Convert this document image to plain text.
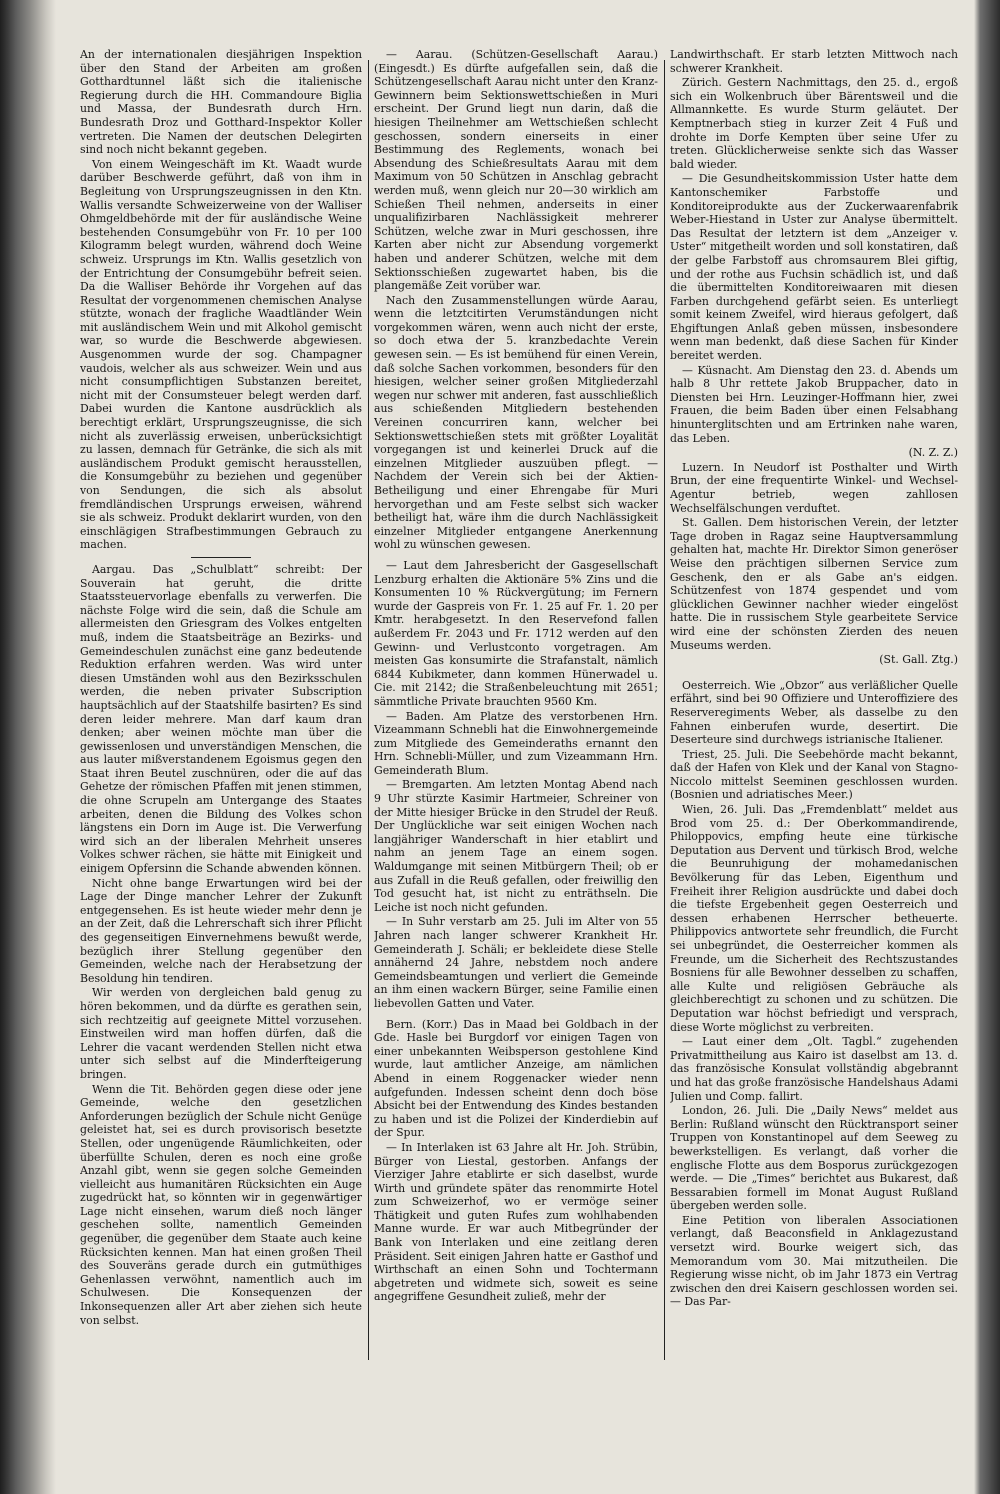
An der internationalen diesjährigen Inspektion über den Stand der Arbeiten am großen Gotthardtunnel läßt sich die italienische Regierung durch die HH. Commandoure Biglia und Massa, der Bundesrath durch Hrn. Bundesrath Droz und Gotthard-Inspektor Koller vertreten. Die Namen der deutschen Delegirten sind noch nicht bekannt gegeben.

Von einem Weingeschäft im Kt. Waadt wurde darüber Beschwerde geführt, daß von ihm in Begleitung von Ursprungszeugnissen in den Ktn. Wallis versandte Schweizerweine von der Walliser Ohmgeldbehörde mit der für ausländische Weine bestehenden Consumgebühr von Fr. 10 per 100 Kilogramm belegt wurden, während doch Weine schweiz. Ursprungs im Ktn. Wallis gesetzlich von der Entrichtung der Consumgebühr befreit seien. Da die Walliser Behörde ihr Vorgehen auf das Resultat der vorgenommenen chemischen Analyse stützte, wonach der fragliche Waadtländer Wein mit ausländischem Wein und mit Alkohol gemischt war, so wurde die Beschwerde abgewiesen. Ausgenommen wurde der sog. Champagner vaudois, welcher als aus schweizer. Wein und aus nicht consumpflichtigen Substanzen bereitet, nicht mit der Consumsteuer belegt werden darf. Dabei wurden die Kantone ausdrücklich als berechtigt erklärt, Ursprungszeugnisse, die sich nicht als zuverlässig erweisen, unberücksichtigt zu lassen, demnach für Getränke, die sich als mit ausländischem Produkt gemischt herausstellen, die Konsumgebühr zu beziehen und gegenüber von Sendungen, die sich als absolut fremdländischen Ursprungs erweisen, während sie als schweiz. Produkt deklarirt wurden, von den einschlägigen Strafbestimmungen Gebrauch zu machen.

Aargau. Das „Schulblatt“ schreibt: Der Souverain hat geruht, die dritte Staatssteuervorlage ebenfalls zu verwerfen. Die nächste Folge wird die sein, daß die Schule am allermeisten den Griesgram des Volkes entgelten muß, indem die Staatsbeiträge an Bezirks- und Gemeindeschulen zunächst eine ganz bedeutende Reduktion erfahren werden. Was wird unter diesen Umständen wohl aus den Bezirksschulen werden, die neben privater Subscription hauptsächlich auf der Staatshilfe basirten? Es sind deren leider mehrere. Man darf kaum dran denken; aber weinen möchte man über die gewissenlosen und unverständigen Menschen, die aus lauter mißverstandenem Egoismus gegen den Staat ihren Beutel zuschnüren, oder die auf das Gehetze der römischen Pfaffen mit jenen stimmen, die ohne Scrupeln am Untergange des Staates arbeiten, denen die Bildung des Volkes schon längstens ein Dorn im Auge ist. Die Verwerfung wird sich an der liberalen Mehrheit unseres Volkes schwer rächen, sie hätte mit Einigkeit und einigem Opfersinn die Schande abwenden können.

Nicht ohne bange Erwartungen wird bei der Lage der Dinge mancher Lehrer der Zukunft entgegensehen. Es ist heute wieder mehr denn je an der Zeit, daß die Lehrerschaft sich ihrer Pflicht des gegenseitigen Einvernehmens bewußt werde, bezüglich ihrer Stellung gegenüber den Gemeinden, welche nach der Herabsetzung der Besoldung hin tendiren.

Wir werden von dergleichen bald genug zu hören bekommen, und da dürfte es gerathen sein, sich rechtzeitig auf geeignete Mittel vorzusehen. Einstweilen wird man hoffen dürfen, daß die Lehrer die vacant werdenden Stellen nicht etwa unter sich selbst auf die Minderfteigerung bringen.

Wenn die Tit. Behörden gegen diese oder jene Gemeinde, welche den gesetzlichen Anforderungen bezüglich der Schule nicht Genüge geleistet hat, sei es durch provisorisch besetzte Stellen, oder ungenügende Räumlichkeiten, oder überfüllte Schulen, deren es noch eine große Anzahl gibt, wenn sie gegen solche Gemeinden vielleicht aus humanitären Rücksichten ein Auge zugedrückt hat, so könnten wir in gegenwärtiger Lage nicht einsehen, warum dieß noch länger geschehen sollte, namentlich Gemeinden gegenüber, die gegenüber dem Staate auch keine Rücksichten kennen. Man hat einen großen Theil des Souveräns gerade durch ein gutmüthiges Gehenlassen verwöhnt, namentlich auch im Schulwesen. Die Konsequenzen der Inkonsequenzen aller Art aber ziehen sich heute von selbst.

— Aarau. (Schützen-Gesellschaft Aarau.) (Eingesdt.) Es dürfte aufgefallen sein, daß die Schützengesellschaft Aarau nicht unter den Kranz-Gewinnern beim Sektionswettschießen in Muri erscheint. Der Grund liegt nun darin, daß die hiesigen Theilnehmer am Wettschießen schlecht geschossen, sondern einerseits in einer Bestimmung des Reglements, wonach bei Absendung des Schießresultats Aarau mit dem Maximum von 50 Schützen in Anschlag gebracht werden muß, wenn gleich nur 20—30 wirklich am Schießen Theil nehmen, anderseits in einer unqualifizirbaren Nachlässigkeit mehrerer Schützen, welche zwar in Muri geschossen, ihre Karten aber nicht zur Absendung vorgemerkt haben und anderer Schützen, welche mit dem Sektionsschießen zugewartet haben, bis die plangemäße Zeit vorüber war.

Nach den Zusammenstellungen würde Aarau, wenn die letztcitirten Verumständungen nicht vorgekommen wären, wenn auch nicht der erste, so doch etwa der 5. kranzbedachte Verein gewesen sein. — Es ist bemühend für einen Verein, daß solche Sachen vorkommen, besonders für den hiesigen, welcher seiner großen Mitgliederzahl wegen nur schwer mit anderen, fast ausschließlich aus schießenden Mitgliedern bestehenden Vereinen concurriren kann, welcher bei Sektionswettschießen stets mit größter Loyalität vorgegangen ist und keinerlei Druck auf die einzelnen Mitglieder auszuüben pflegt. — Nachdem der Verein sich bei der Aktien-Betheiligung und einer Ehrengabe für Muri hervorgethan und am Feste selbst sich wacker betheiligt hat, wäre ihm die durch Nachlässigkeit einzelner Mitglieder entgangene Anerkennung wohl zu wünschen gewesen.

— Laut dem Jahresbericht der Gasgesellschaft Lenzburg erhalten die Aktionäre 5% Zins und die Konsumenten 10 % Rückvergütung; im Fernern wurde der Gaspreis von Fr. 1. 25 auf Fr. 1. 20 per Kmtr. herabgesetzt. In den Reservefond fallen außerdem Fr. 2043 und Fr. 1712 werden auf den Gewinn- und Verlustconto vorgetragen. Am meisten Gas konsumirte die Strafanstalt, nämlich 6844 Kubikmeter, dann kommen Hünerwadel u. Cie. mit 2142; die Straßenbeleuchtung mit 2651; sämmtliche Private brauchten 9560 Km.

— Baden. Am Platze des verstorbenen Hrn. Vizeammann Schnebli hat die Einwohnergemeinde zum Mitgliede des Gemeinderaths ernannt den Hrn. Schnebli-Müller, und zum Vizeammann Hrn. Gemeinderath Blum.

— Bremgarten. Am letzten Montag Abend nach 9 Uhr stürzte Kasimir Hartmeier, Schreiner von der Mitte hiesiger Brücke in den Strudel der Reuß. Der Unglückliche war seit einigen Wochen nach langjähriger Wanderschaft in hier etablirt und nahm an jenem Tage an einem sogen. Waldumgange mit seinen Mitbürgern Theil; ob er aus Zufall in die Reuß gefallen, oder freiwillig den Tod gesucht hat, ist nicht zu enträthseln. Die Leiche ist noch nicht gefunden.

— In Suhr verstarb am 25. Juli im Alter von 55 Jahren nach langer schwerer Krankheit Hr. Gemeinderath J. Schäli; er bekleidete diese Stelle annähernd 24 Jahre, nebstdem noch andere Gemeindsbeamtungen und verliert die Gemeinde an ihm einen wackern Bürger, seine Familie einen liebevollen Gatten und Vater.

Bern. (Korr.) Das in Maad bei Goldbach in der Gde. Hasle bei Burgdorf vor einigen Tagen von einer unbekannten Weibsperson gestohlene Kind wurde, laut amtlicher Anzeige, am nämlichen Abend in einem Roggenacker wieder nenn aufgefunden. Indessen scheint denn doch böse Absicht bei der Entwendung des Kindes bestanden zu haben und ist die Polizei der Kinderdiebin auf der Spur.

— In Interlaken ist 63 Jahre alt Hr. Joh. Strübin, Bürger von Liestal, gestorben. Anfangs der Vierziger Jahre etablirte er sich daselbst, wurde Wirth und gründete später das renommirte Hotel zum Schweizerhof, wo er vermöge seiner Thätigkeit und guten Rufes zum wohlhabenden Manne wurde. Er war auch Mitbegründer der Bank von Interlaken und eine zeitlang deren Präsident. Seit einigen Jahren hatte er Gasthof und Wirthschaft an einen Sohn und Tochtermann abgetreten und widmete sich, soweit es seine angegriffene Gesundheit zuließ, mehr der

Landwirthschaft. Er starb letzten Mittwoch nach schwerer Krankheit.

Zürich. Gestern Nachmittags, den 25. d., ergoß sich ein Wolkenbruch über Bärentsweil und die Allmannkette. Es wurde Sturm geläutet. Der Kemptnerbach stieg in kurzer Zeit 4 Fuß und drohte im Dorfe Kempten über seine Ufer zu treten. Glücklicherweise senkte sich das Wasser bald wieder.

— Die Gesundheitskommission Uster hatte dem Kantonschemiker Farbstoffe und Konditoreiprodukte aus der Zuckerwaarenfabrik Weber-Hiestand in Uster zur Analyse übermittelt. Das Resultat der letztern ist dem „Anzeiger v. Uster“ mitgetheilt worden und soll konstatiren, daß der gelbe Farbstoff aus chromsaurem Blei giftig, und der rothe aus Fuchsin schädlich ist, und daß die übermittelten Konditoreiwaaren mit diesen Farben durchgehend gefärbt seien. Es unterliegt somit keinem Zweifel, wird hieraus gefolgert, daß Ehgiftungen Anlaß geben müssen, insbesondere wenn man bedenkt, daß diese Sachen für Kinder bereitet werden.

— Küsnacht. Am Dienstag den 23. d. Abends um halb 8 Uhr rettete Jakob Bruppacher, dato in Diensten bei Hrn. Leuzinger-Hoffmann hier, zwei Frauen, die beim Baden über einen Felsabhang hinunterglitschten und am Ertrinken nahe waren, das Leben.

(N. Z. Z.)

Luzern. In Neudorf ist Posthalter und Wirth Brun, der eine frequentirte Winkel- und Wechsel-Agentur betrieb, wegen zahllosen Wechselfälschungen verduftet.

St. Gallen. Dem historischen Verein, der letzter Tage droben in Ragaz seine Hauptversammlung gehalten hat, machte Hr. Direktor Simon generöser Weise den prächtigen silbernen Service zum Geschenk, den er als Gabe an's eidgen. Schützenfest von 1874 gespendet und vom glücklichen Gewinner nachher wieder eingelöst hatte. Die in russischem Style gearbeitete Service wird eine der schönsten Zierden des neuen Museums werden.

(St. Gall. Ztg.)

Oesterreich. Wie „Obzor“ aus verläßlicher Quelle erfährt, sind bei 90 Offiziere und Unteroffiziere des Reserveregiments Weber, als dasselbe zu den Fahnen einberufen wurde, desertirt. Die Deserteure sind durchwegs istrianische Italiener.

Triest, 25. Juli. Die Seebehörde macht bekannt, daß der Hafen von Klek und der Kanal von Stagno-Niccolo mittelst Seeminen geschlossen wurden. (Bosnien und adriatisches Meer.)

Wien, 26. Juli. Das „Fremdenblatt“ meldet aus Brod vom 25. d.: Der Oberkommandirende, Philoppovics, empfing heute eine türkische Deputation aus Dervent und türkisch Brod, welche die Beunruhigung der mohamedanischen Bevölkerung für das Leben, Eigenthum und Freiheit ihrer Religion ausdrückte und dabei doch die tiefste Ergebenheit gegen Oesterreich und dessen erhabenen Herrscher betheuerte. Philippovics antwortete sehr freundlich, die Furcht sei unbegründet, die Oesterreicher kommen als Freunde, um die Sicherheit des Rechtszustandes Bosniens für alle Bewohner desselben zu schaffen, alle Kulte und religiösen Gebräuche als gleichberechtigt zu schonen und zu schützen. Die Deputation war höchst befriedigt und versprach, diese Worte möglichst zu verbreiten.

— Laut einer dem „Olt. Tagbl.“ zugehenden Privatmittheilung aus Kairo ist daselbst am 13. d. das französische Konsulat vollständig abgebrannt und hat das große französische Handelshaus Adami Julien und Comp. fallirt.

London, 26. Juli. Die „Daily News“ meldet aus Berlin: Rußland wünscht den Rücktransport seiner Truppen von Konstantinopel auf dem Seeweg zu bewerkstelligen. Es verlangt, daß vorher die englische Flotte aus dem Bosporus zurückgezogen werde. — Die „Times“ berichtet aus Bukarest, daß Bessarabien formell im Monat August Rußland übergeben werden solle.

Eine Petition von liberalen Associationen verlangt, daß Beaconsfield in Anklagezustand versetzt wird. Bourke weigert sich, das Memorandum vom 30. Mai mitzutheilen. Die Regierung wisse nicht, ob im Jahr 1873 ein Vertrag zwischen den drei Kaisern geschlossen worden sei. — Das Par-
